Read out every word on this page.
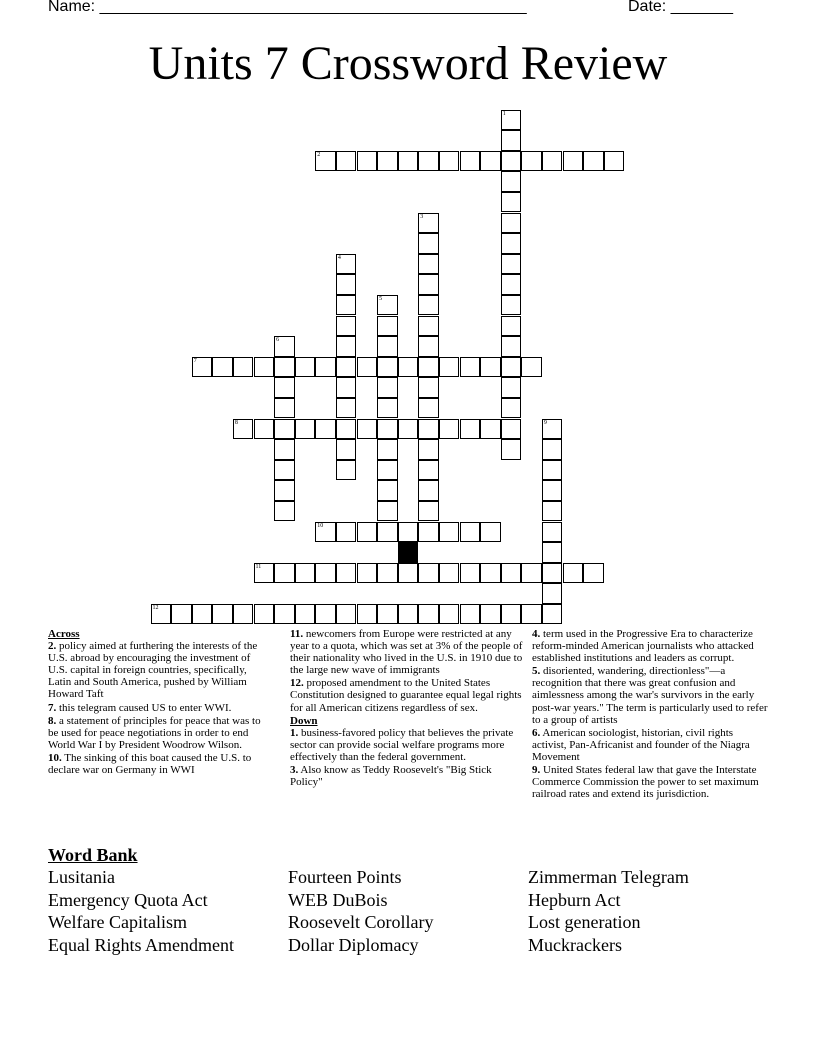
Name: ________________________________________________	Date: _______
Units 7 Crossword Review
1
2
3
4
5
6
7
8	9
10
11
12
Across
2. policy aimed at furthering the interests of the U.S. abroad by encouraging the investment of U.S. capital in foreign countries, specifically, Latin and South America, pushed by William Howard Taft
7. this telegram caused US to enter WWI.
8. a statement of principles for peace that was to be used for peace negotiations in order to end World War I by President Woodrow Wilson.
10. The sinking of this boat caused the U.S. to declare war on Germany in WWI
11. newcomers from Europe were restricted at any year to a quota, which was set at 3% of the people of their nationality who lived in the U.S. in 1910 due to the large new wave of immigrants
12. proposed amendment to the United States Constitution designed to guarantee equal legal rights for all American citizens regardless of sex.
Down
1. business-favored policy that believes the private sector can provide social welfare programs more effectively than the federal government.
3. Also know as Teddy Roosevelt's "Big Stick Policy"
4. term used in the Progressive Era to characterize reform-minded American journalists who attacked established institutions and leaders as corrupt.
5. disoriented, wandering, directionless"—a recognition that there was great confusion and aimlessness among the war's survivors in the early post-war years." The term is particularly used to refer to a group of artists
6. American sociologist, historian, civil rights activist, Pan-Africanist and founder of the Niagra Movement
9. United States federal law that gave the Interstate Commerce Commission the power to set maximum railroad rates and extend its jurisdiction.
Word Bank
Lusitania
Emergency Quota Act
Welfare Capitalism
Equal Rights Amendment
Fourteen Points
WEB DuBois
Roosevelt Corollary
Dollar Diplomacy
Zimmerman Telegram
Hepburn Act
Lost generation
Muckrackers
